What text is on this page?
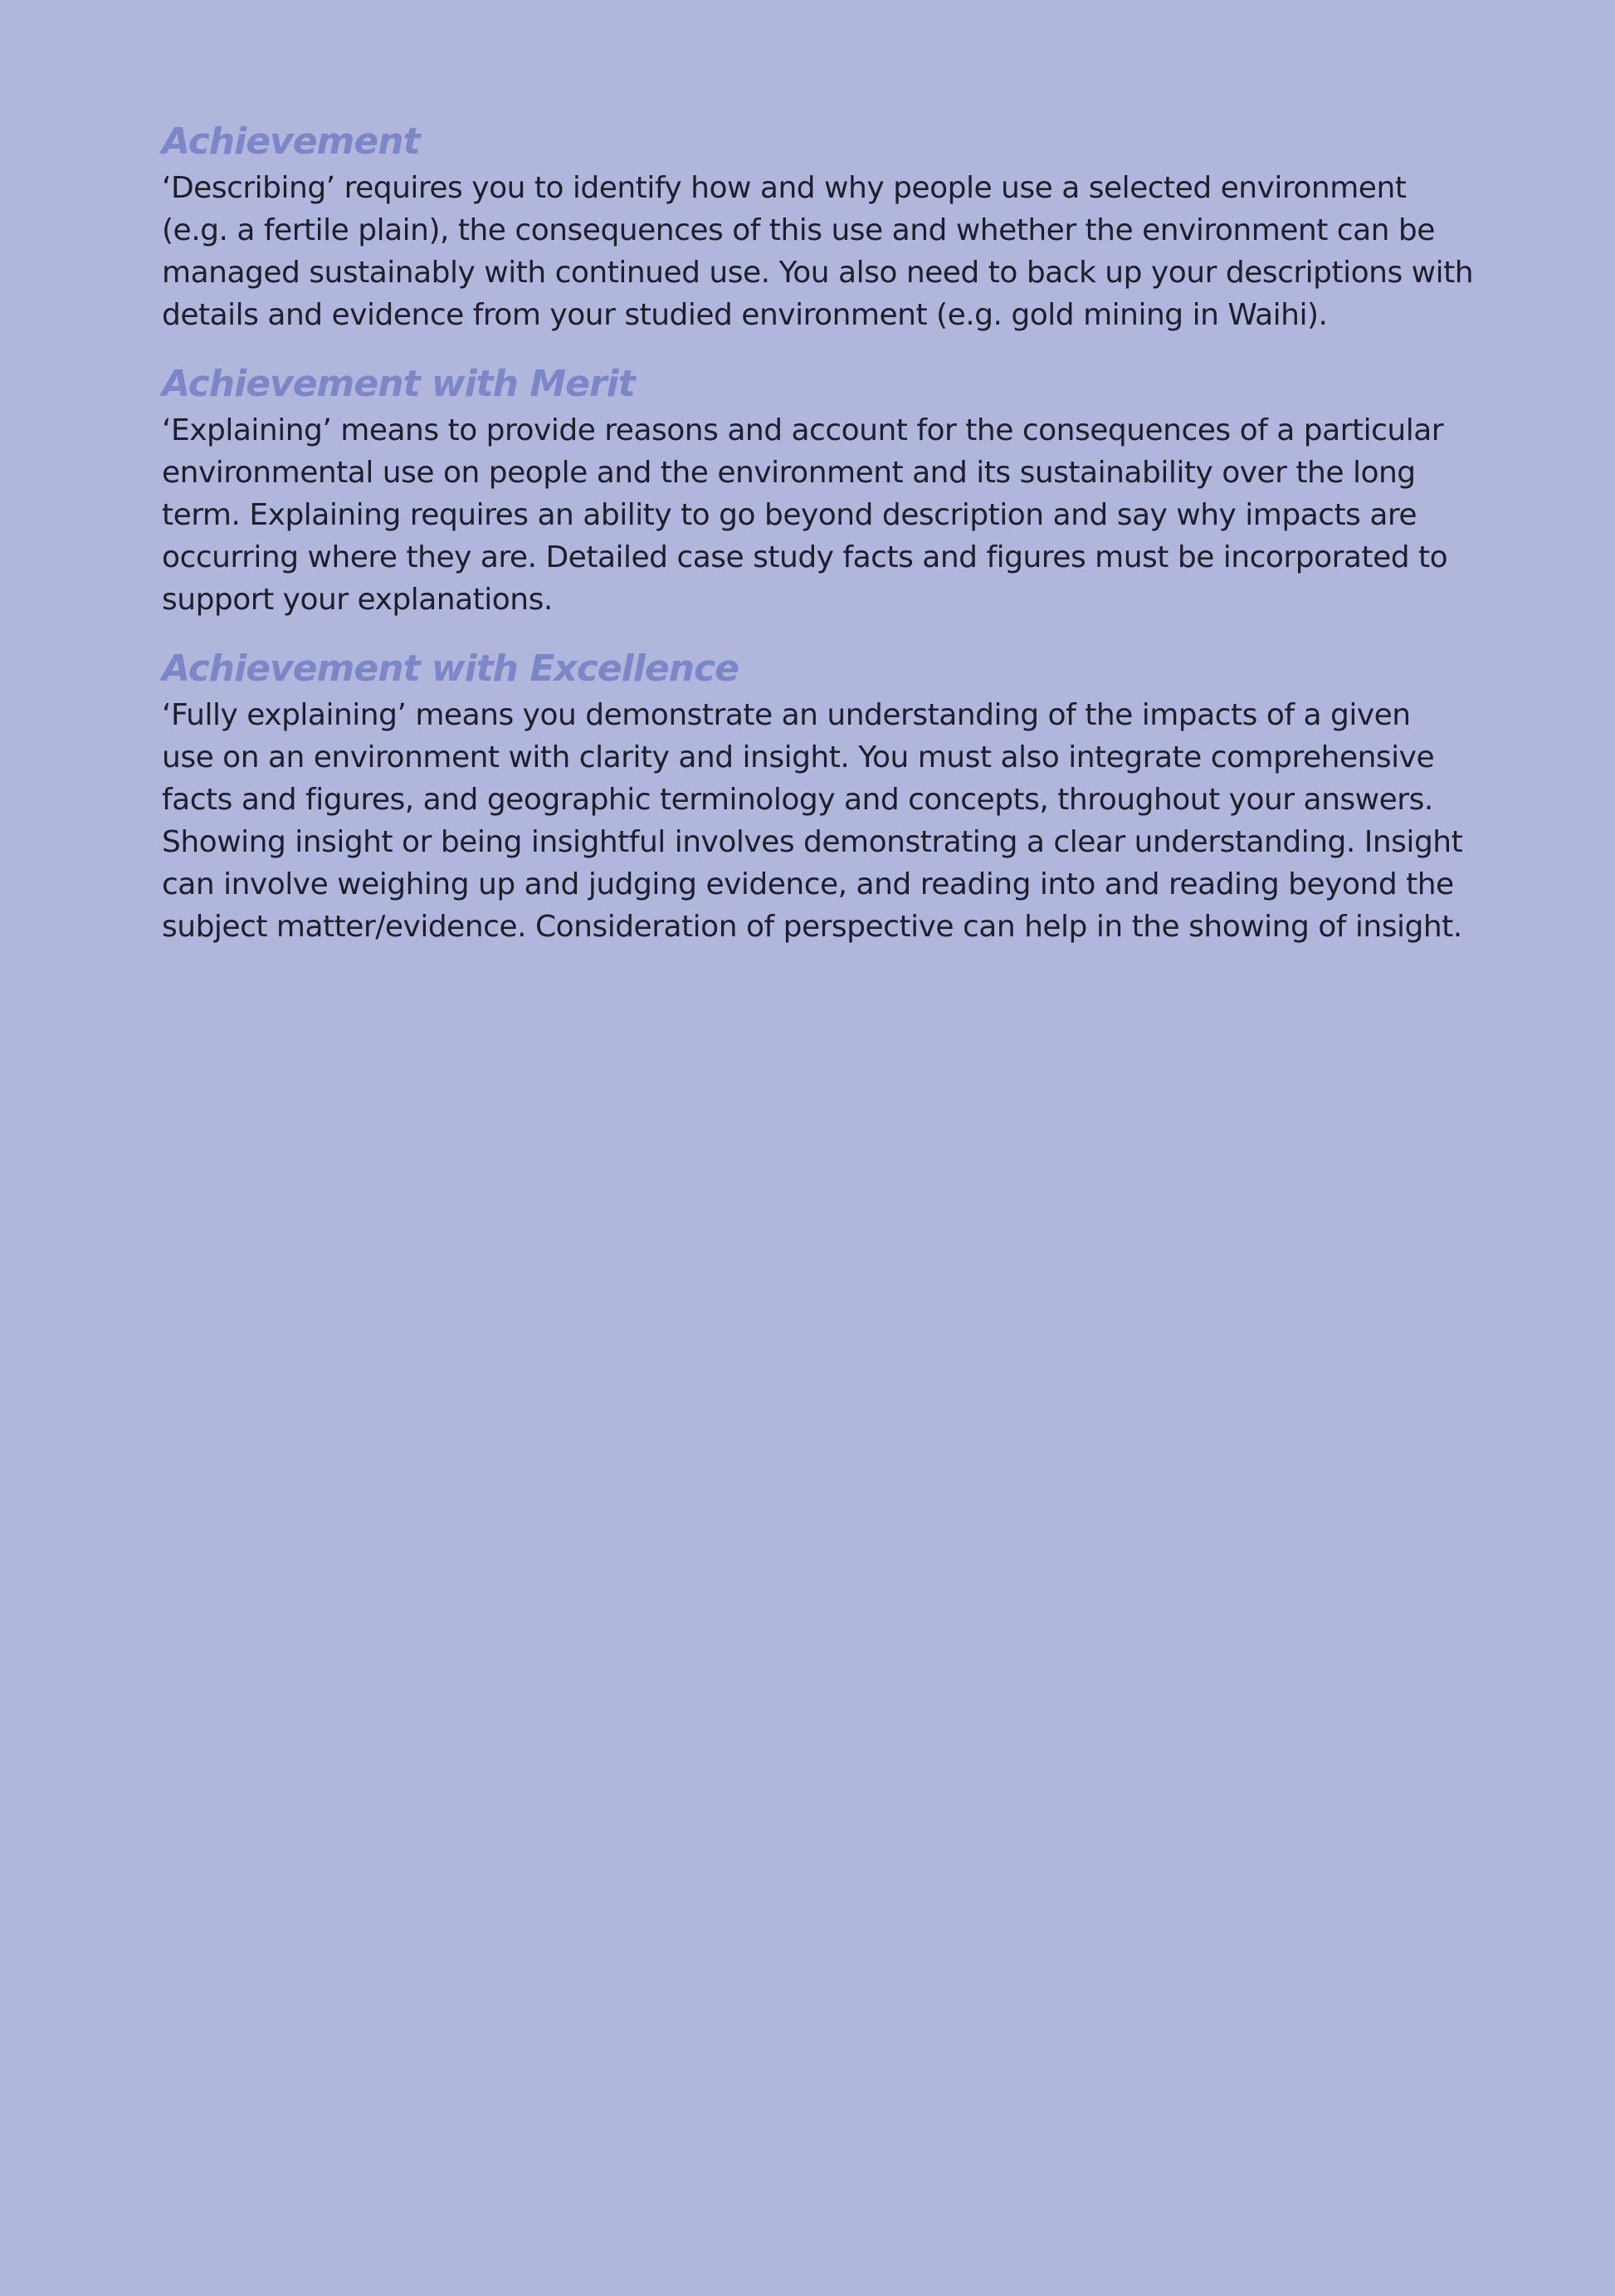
Achievement

‘Describing’ requires you to identify how and why people use a selected environment
(e.g. a fertile plain), the consequences of this use and whether the environment can be
managed sustainably with continued use. You also need to back up your descriptions with
details and evidence from your studied environment (e.g. gold mining in Waihi).

Achievement with Merit

‘Explaining’ means to provide reasons and account for the consequences of a particular
environmental use on people and the environment and its sustainability over the long
term. Explaining requires an ability to go beyond description and say why impacts are
occurring where they are. Detailed case study facts and figures must be incorporated to
support your explanations.

Achievement with Excellence

‘Fully explaining’ means you demonstrate an understanding of the impacts of a given
use on an environment with clarity and insight. You must also integrate comprehensive
facts and figures, and geographic terminology and concepts, throughout your answers.
Showing insight or being insightful involves demonstrating a clear understanding. Insight
can involve weighing up and judging evidence, and reading into and reading beyond the
subject matter/evidence. Consideration of perspective can help in the showing of insight.
